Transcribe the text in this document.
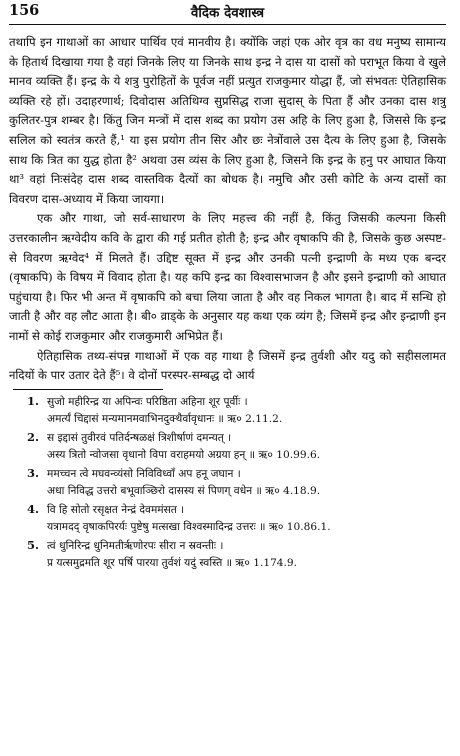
156	वैदिक देवशास्त्र

तथापि इन गाथाओं का आधार पार्थिव एवं मानवीय है। क्योंकि जहां एक ओर वृत्र का वध मनुष्य सामान्य के हितार्थ दिखाया गया है वहां जिनके लिए या जिनके साथ इन्द्र ने दास या दासों को पराभूत किया वे खुले मानव व्यक्ति हैं। इन्द्र के ये शत्रु पुरोहितों के पूर्वज नहीं प्रत्युत राजकुमार योद्धा हैं, जो संभवतः ऐतिहासिक व्यक्ति रहे हों। उदाहरणार्थ; दिवोदास अतिथिग्व सुप्रसिद्ध राजा सुदास् के पिता हैं और उनका दास शत्रु कुलितर-पुत्र शम्बर है। किंतु जिन मन्त्रों में दास शब्द का प्रयोग उस अहि के लिए हुआ है, जिससे कि इन्द्र सलिल को स्वतंत्र करते हैं,¹ या इस प्रयोग तीन सिर और छः नेत्रोंवाले उस दैत्य के लिए हुआ है, जिसके साथ कि त्रित का युद्ध होता है² अथवा उस व्यंस के लिए हुआ है, जिसने कि इन्द्र के हनु पर आघात किया था³ वहां निःसंदेह दास शब्द वास्तविक दैत्यों का बोधक है। नमुचि और उसी कोटि के अन्य दासों का विवरण दास-अध्याय में किया जायगा।

एक और गाथा, जो सर्व-साधारण के लिए महत्त्व की नहीं है, किंतु जिसकी कल्पना किसी उत्तरकालीन ऋग्वेदीय कवि के द्वारा की गई प्रतीत होती है; इन्द्र और वृषाकपि की है, जिसके कुछ अस्पष्ट-से विवरण ऋग्वेद⁴ में मिलते हैं। उद्दिष्ट सूक्त में इन्द्र और उनकी पत्नी इन्द्राणी के मध्य एक बन्दर (वृषाकपि) के विषय में विवाद होता है। यह कपि इन्द्र का विश्वासभाजन है और इसने इन्द्राणी को आघात पहुंचाया है। फिर भी अन्त में वृषाकपि को बचा लिया जाता है और वह निकल भागता है। बाद में सन्धि हो जाती है और वह लौट आता है। बी० व्राड्के के अनुसार यह कथा एक व्यंग है; जिसमें इन्द्र और इन्द्राणी इन नामों से कोई राजकुमार और राजकुमारी अभिप्रेत हैं।

ऐतिहासिक तथ्य-संपन्न गाथाओं में एक वह गाथा है जिसमें इन्द्र तुर्वशी और यदु को सहीसलामत नदियों के पार उतार देते हैं⁵। वे दोनों परस्पर-सम्बद्ध दो आर्य

1. सुजो महीरिन्द्र या अपिन्वः परिष्ठिता अहिना शूर पूर्वीः ।
अमर्त्यं चिद्दासं मन्यमानमवाभिनदुक्थैर्वावृधानः ॥ ऋ० 2.11.2.
2. स इद्दासं तुवीरवं पतिर्दन्षळक्षं त्रिशीर्षाणं दमन्यत् ।
अस्य त्रितो न्वोजसा वृधानो विपा वराहमयो अग्रया हन् ॥ ऋ० 10.99.6.
3. ममच्चन त्वे मघवन्व्यंसो निविविध्वाँ अप हनू जघान ।
अधा निविद्ध उत्तरो बभूवाञ्छिरो दासस्य सं पिणग् वधेन ॥ ऋ० 4.18.9.
4. वि हि सोतो रसृक्षत नेन्द्रं देवममंसत ।
यत्रामदद् वृषाकपिरर्यः पुष्टेषु मत्सखा विश्वस्मादिन्द्र उत्तरः ॥ ऋ० 10.86.1.
5. त्वं धुनिरिन्द्र धुनिमतीर्ऋणोरपः सीरा न स्रवन्तीः ।
प्र यत्समुद्रमति शूर पर्षि पारया तुर्वशं यदुं स्वस्ति ॥ ऋ० 1.174.9.
